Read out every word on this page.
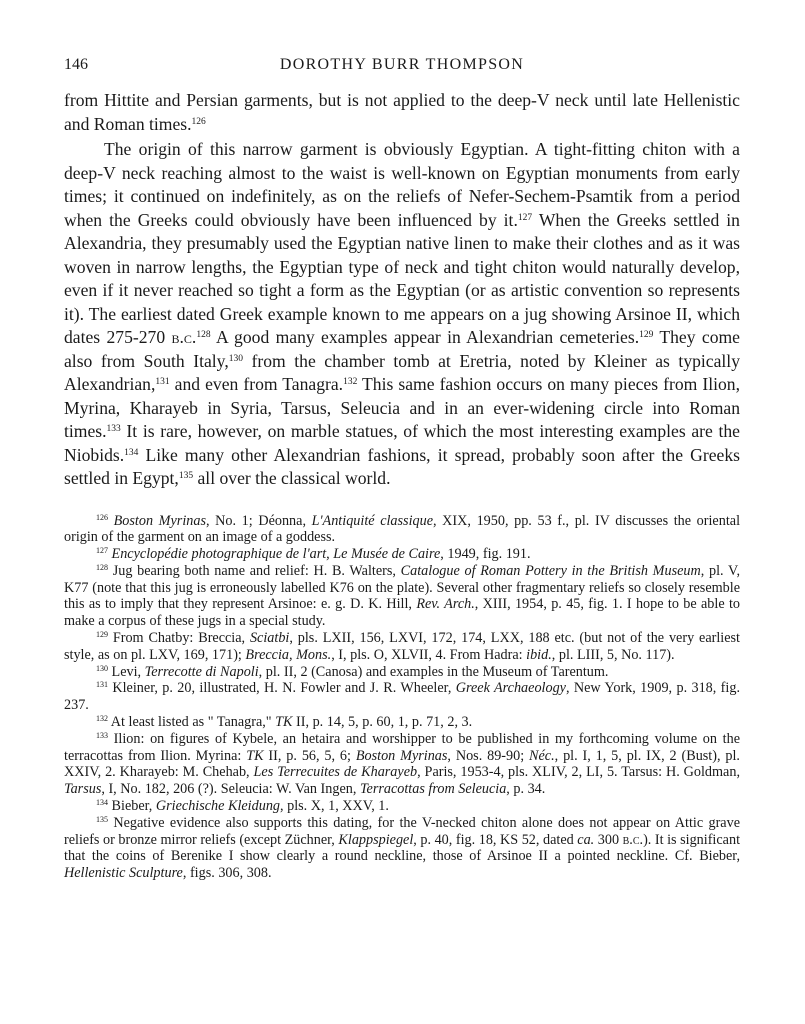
146	DOROTHY BURR THOMPSON

from Hittite and Persian garments, but is not applied to the deep-V neck until late Hellenistic and Roman times.$^{126}$

The origin of this narrow garment is obviously Egyptian. A tight-fitting chiton with a deep-V neck reaching almost to the waist is well-known on Egyptian monuments from early times; it continued on indefinitely, as on the reliefs of Nefer-Sechem-Psamtik from a period when the Greeks could obviously have been influenced by it.$^{127}$ When the Greeks settled in Alexandria, they presumably used the Egyptian native linen to make their clothes and as it was woven in narrow lengths, the Egyptian type of neck and tight chiton would naturally develop, even if it never reached so tight a form as the Egyptian (or as artistic convention so represents it). The earliest dated Greek example known to me appears on a jug showing Arsinoe II, which dates 275-270 b.c.$^{128}$ A good many examples appear in Alexandrian cemeteries.$^{129}$ They come also from South Italy,$^{130}$ from the chamber tomb at Eretria, noted by Kleiner as typically Alexandrian,$^{131}$ and even from Tanagra.$^{132}$ This same fashion occurs on many pieces from Ilion, Myrina, Kharayeb in Syria, Tarsus, Seleucia and in an ever-widening circle into Roman times.$^{133}$ It is rare, however, on marble statues, of which the most interesting examples are the Niobids.$^{134}$ Like many other Alexandrian fashions, it spread, probably soon after the Greeks settled in Egypt,$^{135}$ all over the classical world.

$^{126}$ Boston Myrinas, No. 1; Déonna, L'Antiquité classique, XIX, 1950, pp. 53 f., pl. IV discusses the oriental origin of the garment on an image of a goddess.

$^{127}$ Encyclopédie photographique de l'art, Le Musée de Caire, 1949, fig. 191.

$^{128}$ Jug bearing both name and relief: H. B. Walters, Catalogue of Roman Pottery in the British Museum, pl. V, K77 (note that this jug is erroneously labelled K76 on the plate). Several other fragmentary reliefs so closely resemble this as to imply that they represent Arsinoe: e. g. D. K. Hill, Rev. Arch., XIII, 1954, p. 45, fig. 1. I hope to be able to make a corpus of these jugs in a special study.

$^{129}$ From Chatby: Breccia, Sciatbi, pls. LXII, 156, LXVI, 172, 174, LXX, 188 etc. (but not of the very earliest style, as on pl. LXV, 169, 171); Breccia, Mons., I, pls. O, XLVII, 4. From Hadra: ibid., pl. LIII, 5, No. 117).

$^{130}$ Levi, Terrecotte di Napoli, pl. II, 2 (Canosa) and examples in the Museum of Tarentum.

$^{131}$ Kleiner, p. 20, illustrated, H. N. Fowler and J. R. Wheeler, Greek Archaeology, New York, 1909, p. 318, fig. 237.

$^{132}$ At least listed as " Tanagra," TK II, p. 14, 5, p. 60, 1, p. 71, 2, 3.

$^{133}$ Ilion: on figures of Kybele, an hetaira and worshipper to be published in my forthcoming volume on the terracottas from Ilion. Myrina: TK II, p. 56, 5, 6; Boston Myrinas, Nos. 89-90; Néc., pl. I, 1, 5, pl. IX, 2 (Bust), pl. XXIV, 2. Kharayeb: M. Chehab, Les Terrecuites de Kharayeb, Paris, 1953-4, pls. XLIV, 2, LI, 5. Tarsus: H. Goldman, Tarsus, I, No. 182, 206 (?). Seleucia: W. Van Ingen, Terracottas from Seleucia, p. 34.

$^{134}$ Bieber, Griechische Kleidung, pls. X, 1, XXV, 1.

$^{135}$ Negative evidence also supports this dating, for the V-necked chiton alone does not appear on Attic grave reliefs or bronze mirror reliefs (except Züchner, Klappspiegel, p. 40, fig. 18, KS 52, dated ca. 300 b.c.). It is significant that the coins of Berenike I show clearly a round neckline, those of Arsinoe II a pointed neckline. Cf. Bieber, Hellenistic Sculpture, figs. 306, 308.
